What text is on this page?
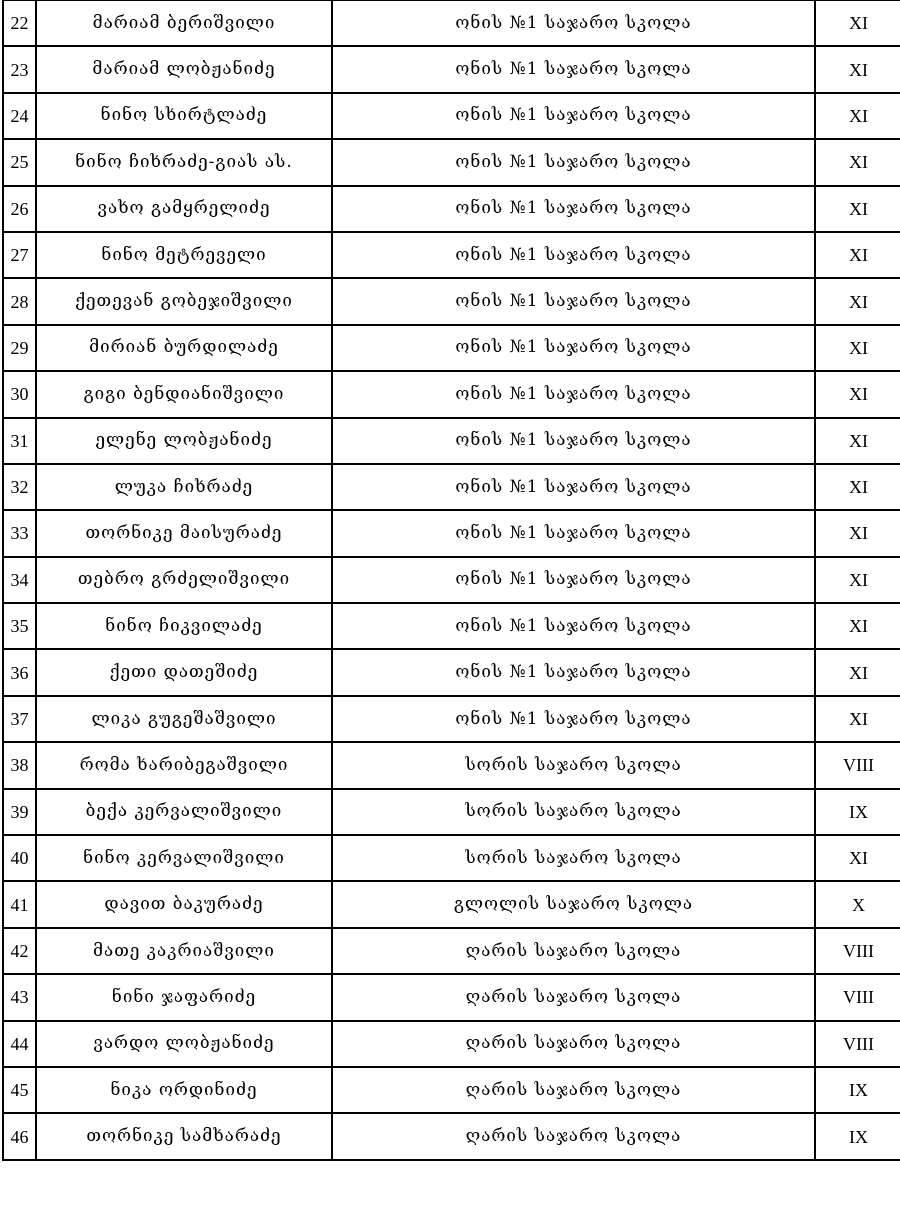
22	მარიამ ბერიშვილი	ონის №1 საჯარო სკოლა	XI
23	მარიამ ლობჟანიძე	ონის №1 საჯარო სკოლა	XI
24	ნინო სხირტლაძე	ონის №1 საჯარო სკოლა	XI
25	ნინო ჩიხრაძე-გიას ას.	ონის №1 საჯარო სკოლა	XI
26	ვახო გამყრელიძე	ონის №1 საჯარო სკოლა	XI
27	ნინო მეტრეველი	ონის №1 საჯარო სკოლა	XI
28	ქეთევან გობეჯიშვილი	ონის №1 საჯარო სკოლა	XI
29	მირიან ბურდილაძე	ონის №1 საჯარო სკოლა	XI
30	გიგი ბენდიანიშვილი	ონის №1 საჯარო სკოლა	XI
31	ელენე ლობჟანიძე	ონის №1 საჯარო სკოლა	XI
32	ლუკა ჩიხრაძე	ონის №1 საჯარო სკოლა	XI
33	თორნიკე მაისურაძე	ონის №1 საჯარო სკოლა	XI
34	თებრო გრძელიშვილი	ონის №1 საჯარო სკოლა	XI
35	ნინო ჩიკვილაძე	ონის №1 საჯარო სკოლა	XI
36	ქეთი დათეშიძე	ონის №1 საჯარო სკოლა	XI
37	ლიკა გუგეშაშვილი	ონის №1 საჯარო სკოლა	XI
38	რომა ხარიბეგაშვილი	სორის საჯარო სკოლა	VIII
39	ბექა კერვალიშვილი	სორის საჯარო სკოლა	IX
40	ნინო კერვალიშვილი	სორის საჯარო სკოლა	XI
41	დავით ბაკურაძე	გლოლის საჯარო სკოლა	X
42	მათე კაკრიაშვილი	ღარის საჯარო სკოლა	VIII
43	ნინი ჯაფარიძე	ღარის საჯარო სკოლა	VIII
44	ვარდო ლობჟანიძე	ღარის საჯარო სკოლა	VIII
45	ნიკა ორდინიძე	ღარის საჯარო სკოლა	IX
46	თორნიკე სამხარაძე	ღარის საჯარო სკოლა	IX
